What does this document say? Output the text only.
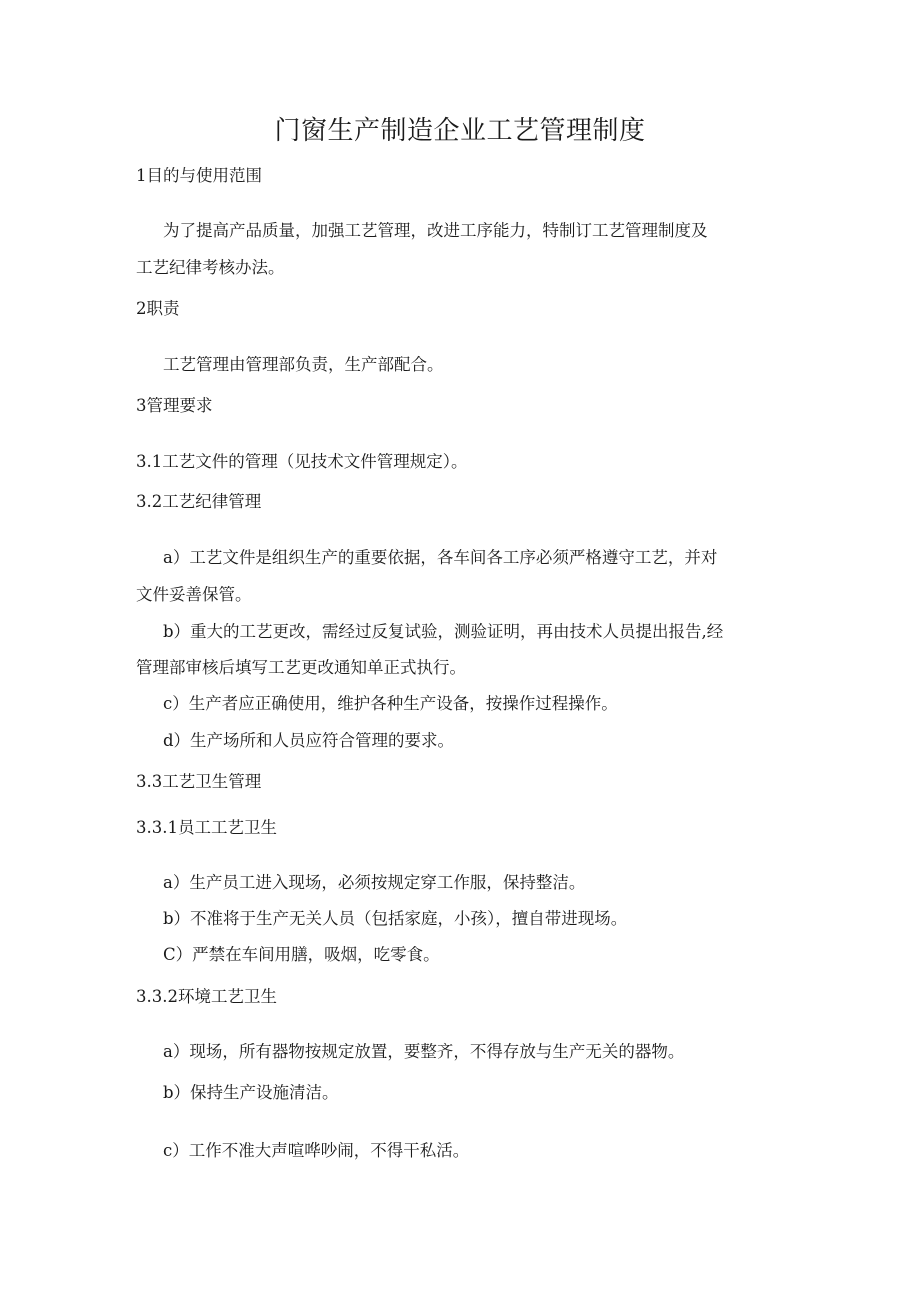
门窗生产制造企业工艺管理制度

1目的与使用范围

为了提高产品质量，加强工艺管理，改进工序能力，特制订工艺管理制度及

工艺纪律考核办法。

2职责

工艺管理由管理部负责，生产部配合。

3管理要求

3.1工艺文件的管理（见技术文件管理规定）。

3.2工艺纪律管理

a）工艺文件是组织生产的重要依据，各车间各工序必须严格遵守工艺，并对

文件妥善保管。

b）重大的工艺更改，需经过反复试验，测验证明，再由技术人员提出报告,经

管理部审核后填写工艺更改通知单正式执行。

c）生产者应正确使用，维护各种生产设备，按操作过程操作。

d）生产场所和人员应符合管理的要求。

3.3工艺卫生管理

3.3.1员工工艺卫生

a）生产员工进入现场，必须按规定穿工作服，保持整洁。

b）不准将于生产无关人员（包括家庭，小孩），擅自带进现场。

C）严禁在车间用膳，吸烟，吃零食。

3.3.2环境工艺卫生

a）现场，所有器物按规定放置，要整齐，不得存放与生产无关的器物。

b）保持生产设施清洁。

c）工作不准大声喧哗吵闹，不得干私活。
